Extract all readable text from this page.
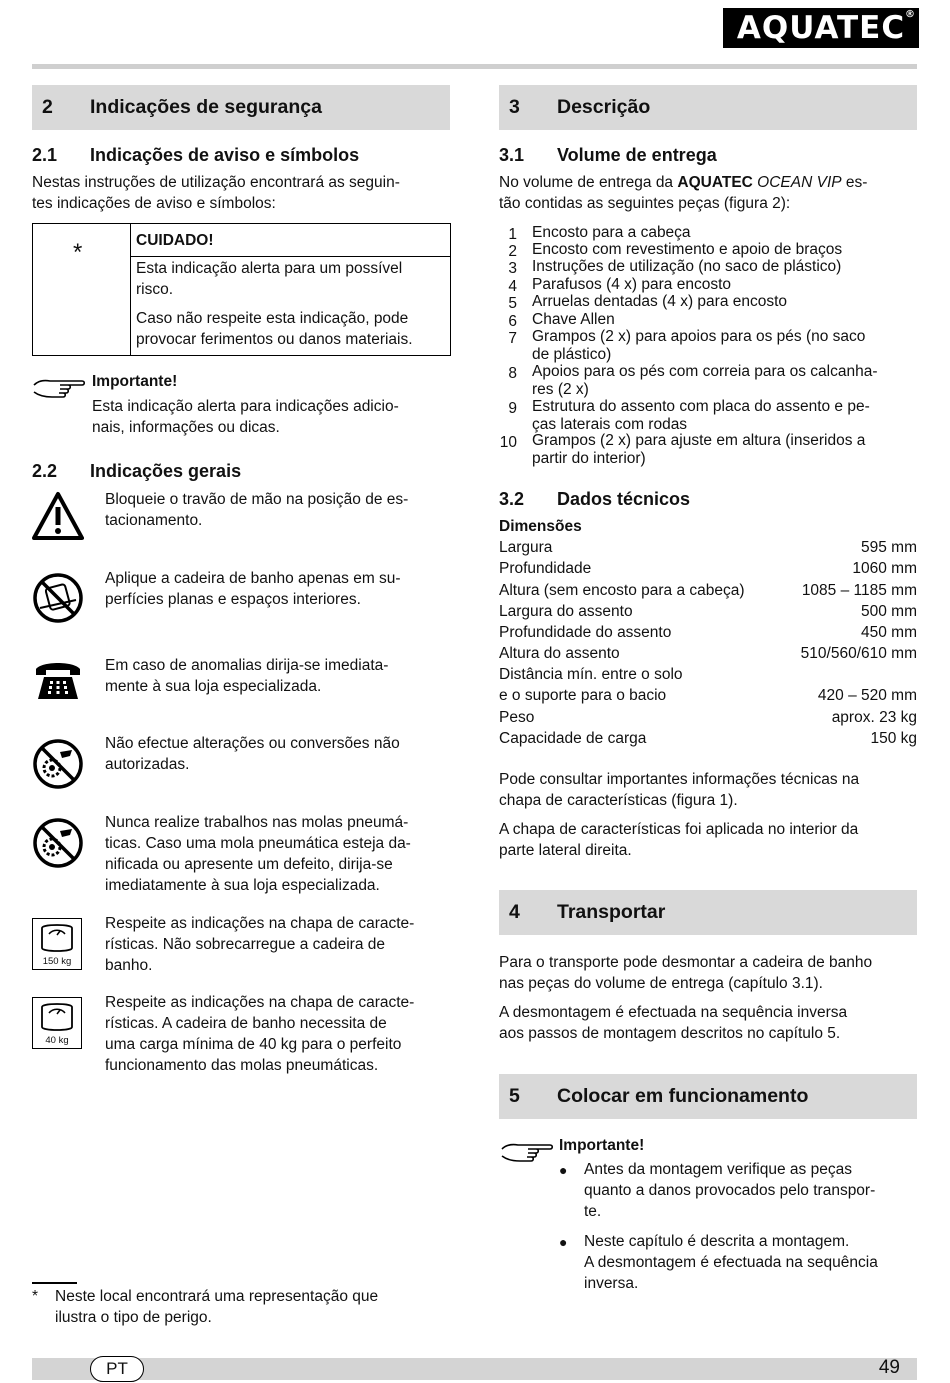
AQUATEC ®
2 Indicações de segurança
2.1 Indicações de aviso e símbolos
Nestas instruções de utilização encontrará as seguin-
tes indicações de aviso e símbolos:
*	CUIDADO!
Esta indicação alerta para um possível
risco.
Caso não respeite esta indicação, pode
provocar ferimentos ou danos materiais.
Importante!
Esta indicação alerta para indicações adicio-
nais, informações ou dicas.
2.2 Indicações gerais
Bloqueie o travão de mão na posição de es-
tacionamento.
Aplique a cadeira de banho apenas em su-
perfícies planas e espaços interiores.
Em caso de anomalias dirija-se imediata-
mente à sua loja especializada.
Não efectue alterações ou conversões não
autorizadas.
Nunca realize trabalhos nas molas pneumá-
ticas. Caso uma mola pneumática esteja da-
nificada ou apresente um defeito, dirija-se
imediatamente à sua loja especializada.
150 kg
Respeite as indicações na chapa de caracte-
rísticas. Não sobrecarregue a cadeira de
banho.
40 kg
Respeite as indicações na chapa de caracte-
rísticas. A cadeira de banho necessita de
uma carga mínima de 40 kg para o perfeito
funcionamento das molas pneumáticas.
* Neste local encontrará uma representação que
ilustra o tipo de perigo.
3 Descrição
3.1 Volume de entrega
No volume de entrega da AQUATEC OCEAN VIP es-
tão contidas as seguintes peças (figura 2):
1 Encosto para a cabeça
2 Encosto com revestimento e apoio de braços
3 Instruções de utilização (no saco de plástico)
4 Parafusos (4 x) para encosto
5 Arruelas dentadas (4 x) para encosto
6 Chave Allen
7 Grampos (2 x) para apoios para os pés (no saco
de plástico)
8 Apoios para os pés com correia para os calcanha-
res (2 x)
9 Estrutura do assento com placa do assento e pe-
ças laterais com rodas
10 Grampos (2 x) para ajuste em altura (inseridos a
partir do interior)
3.2 Dados técnicos
Dimensões
Largura	595 mm
Profundidade	1060 mm
Altura (sem encosto para a cabeça)	1085 – 1185 mm
Largura do assento	500 mm
Profundidade do assento	450 mm
Altura do assento	510/560/610 mm
Distância mín. entre o solo
e o suporte para o bacio	420 – 520 mm
Peso	aprox. 23 kg
Capacidade de carga	150 kg
Pode consultar importantes informações técnicas na
chapa de características (figura 1).
A chapa de características foi aplicada no interior da
parte lateral direita.
4 Transportar
Para o transporte pode desmontar a cadeira de banho
nas peças do volume de entrega (capítulo 3.1).
A desmontagem é efectuada na sequência inversa
aos passos de montagem descritos no capítulo 5.
5 Colocar em funcionamento
Importante!
● Antes da montagem verifique as peças
quanto a danos provocados pelo transpor-
te.
● Neste capítulo é descrita a montagem.
A desmontagem é efectuada na sequência
inversa.
PT	49
